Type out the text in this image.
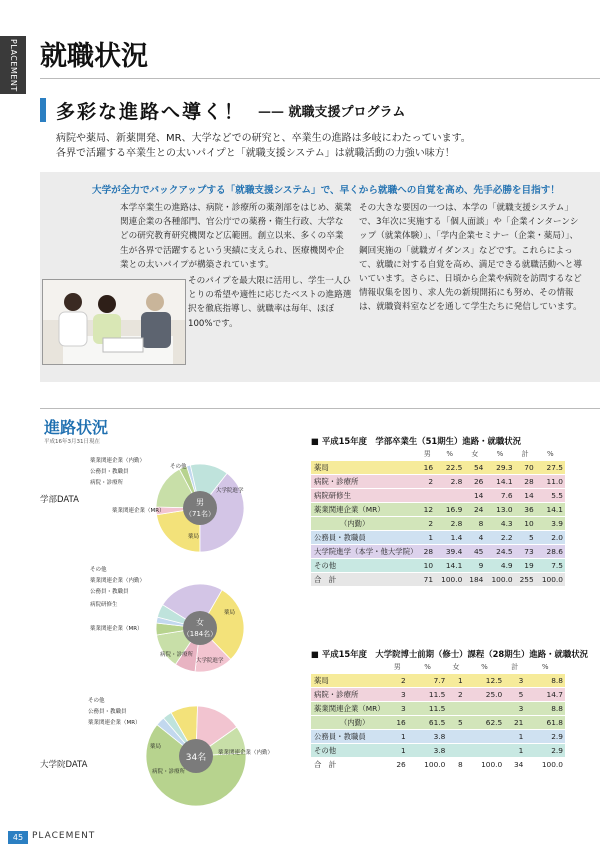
PLACEMENT 就職状況
多彩な進路へ導く！	—— 就職支援プログラム
病院や薬局、新薬開発、MR、大学などでの研究と、卒業生の進路は多岐にわたっています。
各界で活躍する卒業生との太いパイプと「就職支援システム」は就職活動の力強い味方！
大学が全力でバックアップする「就職支援システム」で、早くから就職への自覚を高め、先手必勝を目指す！
本学卒業生の進路は、病院・診療所の薬剤部をはじめ、薬業関連企業の各種部門、官公庁での薬務・衛生行政、大学などの研究教育研究機関など広範囲。創立以来、多くの卒業生が各界で活躍するという実績に支えられ、医療機関や企業との太いパイプが構築されています。
そのパイプを最大限に活用し、学生一人ひとりの希望や適性に応じたベストの進路選択を徹底指導し、就職率は毎年、ほぼ100%です。
その大きな要因の一つは、本学の「就職支援システム」で、3年次に実施する「個人面談」や「企業インターンシップ（就業体験）」、「学内企業セミナー（企業・薬局）」、鋼回実施の「就職ガイダンス」などです。これらによって、就職に対する自覚を高め、満足できる就職活動へと導いています。さらに、日頃から企業や病院を訪問するなど情報収集を図り、求人先の新規開拓にも努め、その情報は、就職資料室などを通して学生たちに発信しています。
進路状況
平成16年3月31日現在
学部DATA
大学院DATA
男
（71名）
薬業関連企業（内勤）
公務員・教職員
病院・診療所
その他
大学院進学
薬業関連企業（MR）
薬局
女
（184名）
その他
薬業関連企業（内勤）
公務員・教職員
病院研修生
薬業関連企業（MR）
薬局
病院・診療所
大学院進学
34名
その他
公務員・教職員
薬業関連企業（MR）
薬局
病院・診療所
薬業関連企業（内勤）
■ 平成15年度　学部卒業生（51期生）進路・就職状況
	男	%	女	%	計	%
薬局	16	22.5	54	29.3	70	27.5
病院・診療所	2	2.8	26	14.1	28	11.0
病院研修生			14	7.6	14	5.5
薬業関連企業（MR）	12	16.9	24	13.0	36	14.1
　　　　（内勤）	2	2.8	8	4.3	10	3.9
公務員・教職員	1	1.4	4	2.2	5	2.0
大学院進学（本学・他大学院）	28	39.4	45	24.5	73	28.6
その他	10	14.1	9	4.9	19	7.5
合　計	71	100.0	184	100.0	255	100.0
■ 平成15年度　大学院博士前期（修士）課程（28期生）進路・就職状況
	男	%	女	%	計	%
薬局	2	7.7	1	12.5	3	8.8
病院・診療所	3	11.5	2	25.0	5	14.7
薬業関連企業（MR）	3	11.5			3	8.8
　　　　（内勤）	16	61.5	5	62.5	21	61.8
公務員・教職員	1	3.8			1	2.9
その他	1	3.8			1	2.9
合　計	26	100.0	8	100.0	34	100.0
45 PLACEMENT
